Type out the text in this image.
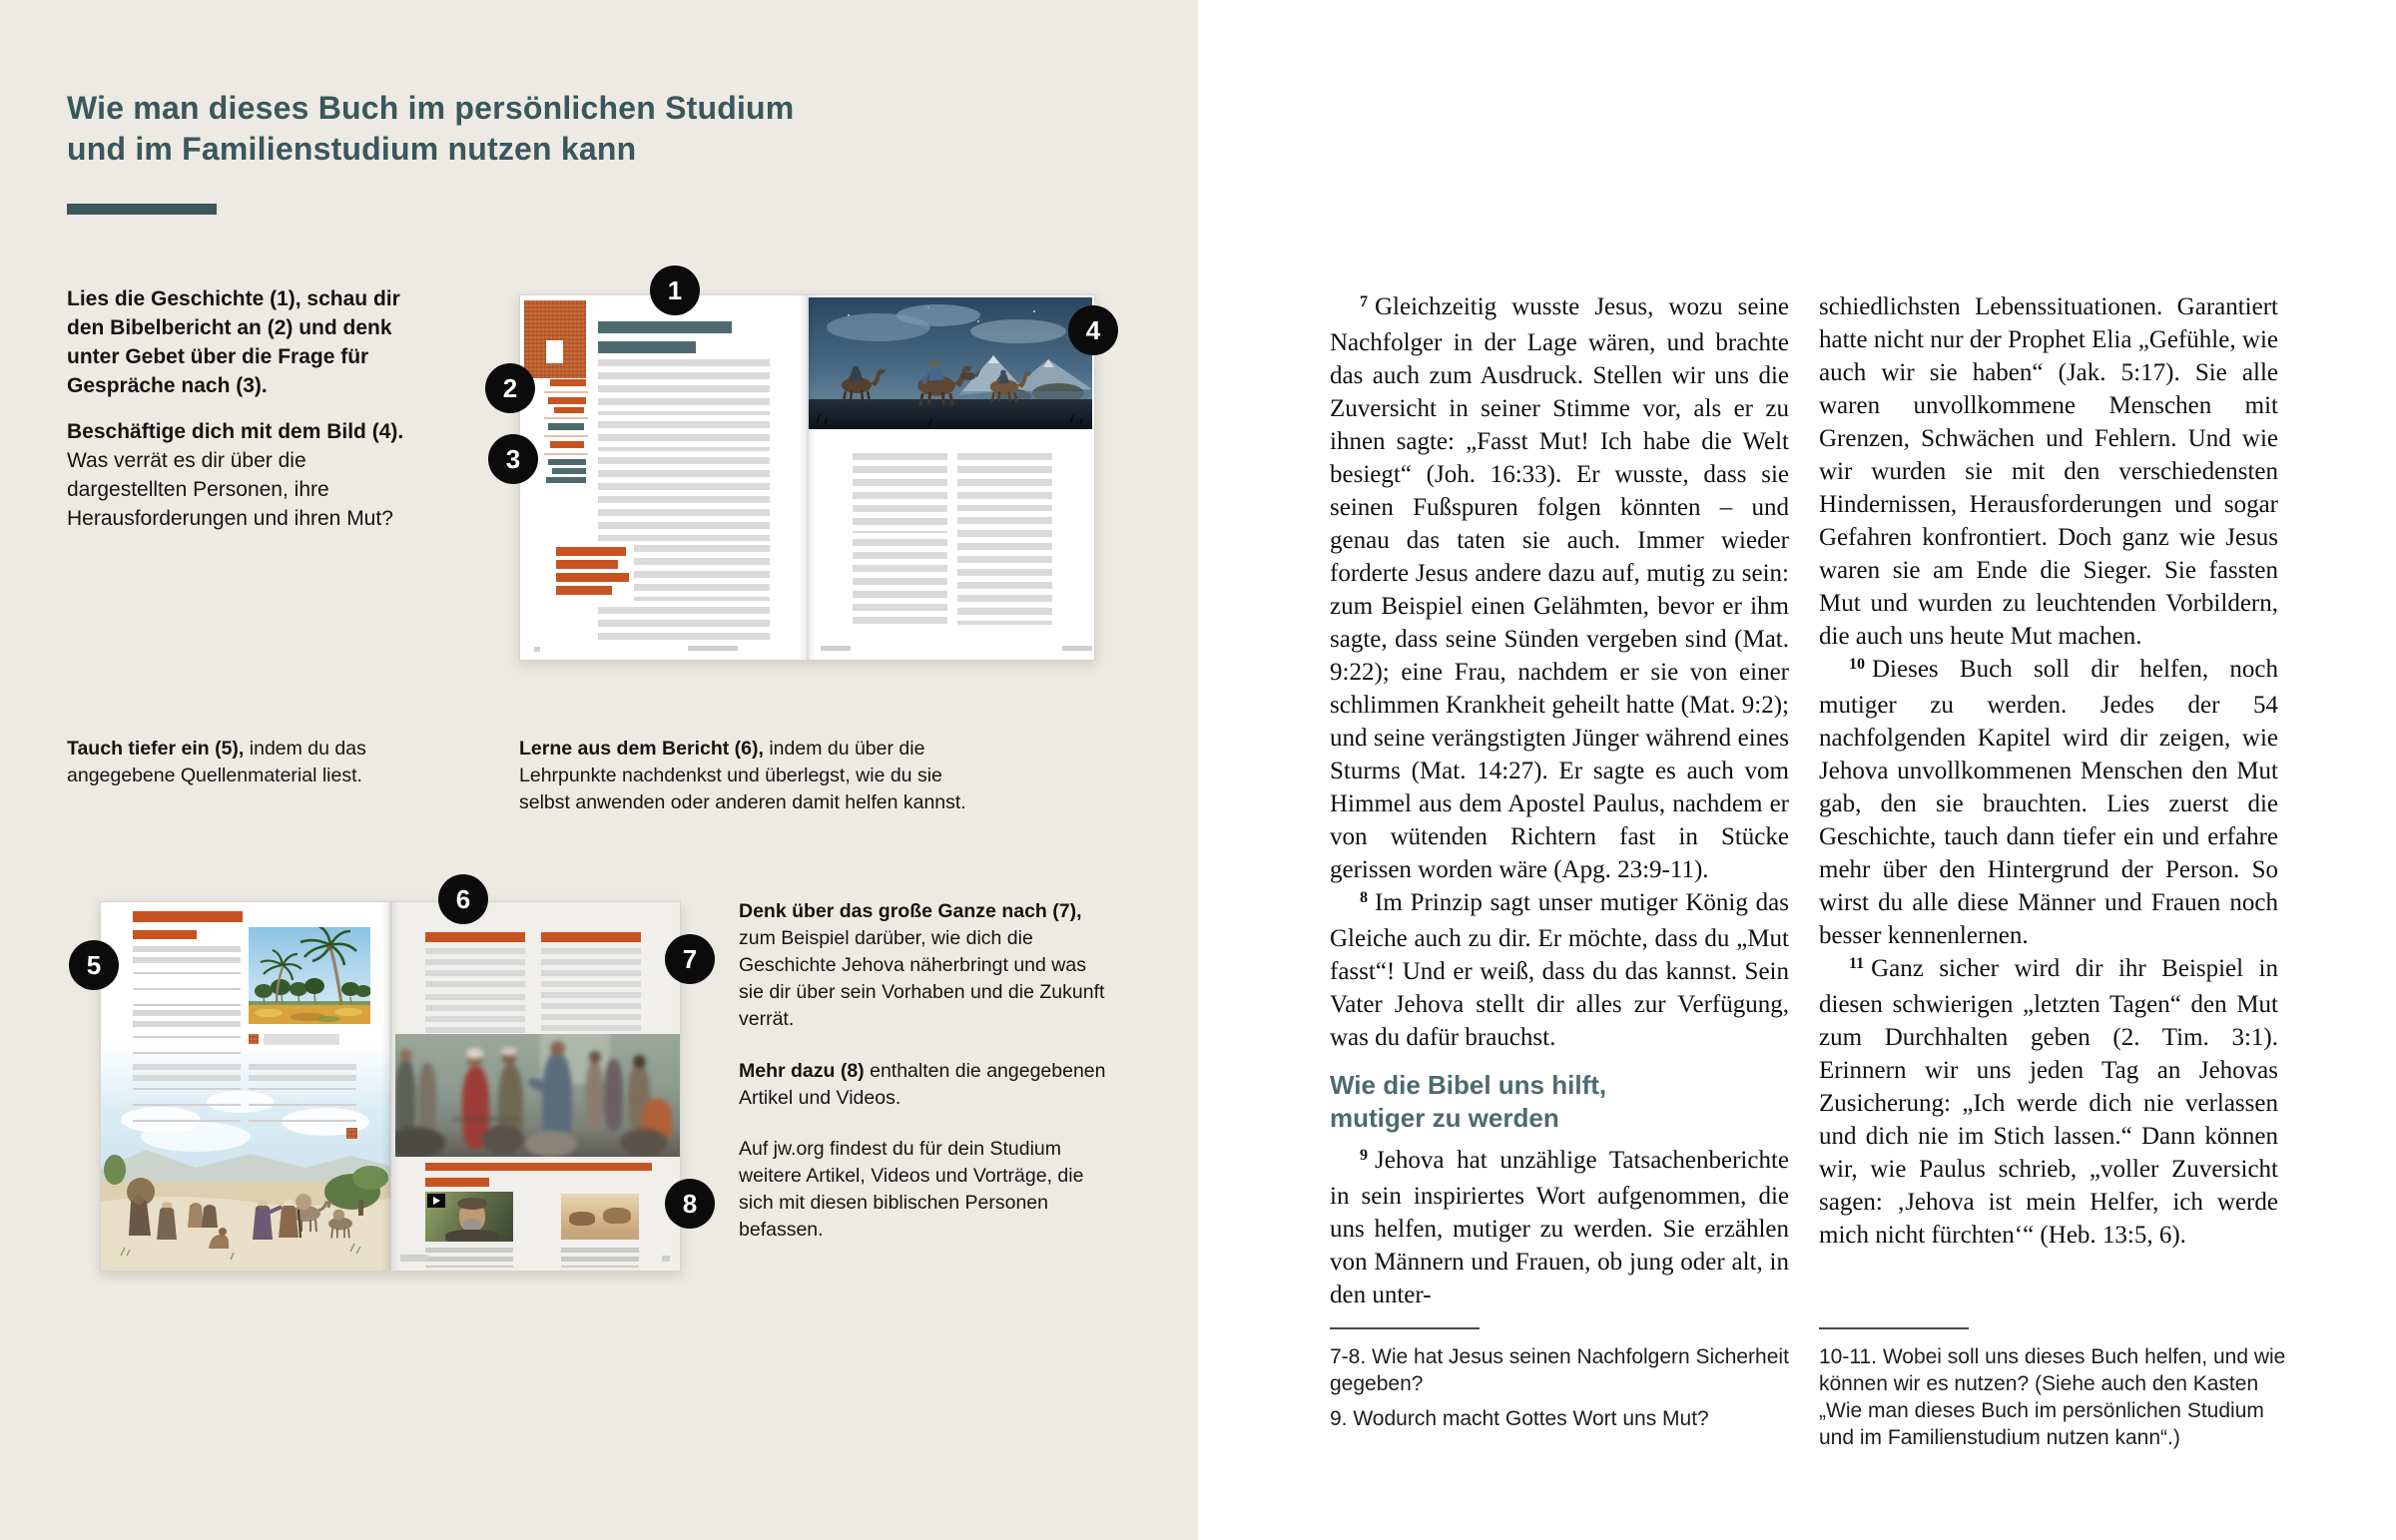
Wie man dieses Buch im persönlichen Studium
und im Familienstudium nutzen kann

Lies die Geschichte (1), schau dir den Bibelbericht an (2) und denk unter Gebet über die Frage für Gespräche nach (3).

Beschäftige dich mit dem Bild (4). Was verrät es dir über die dargestellten Personen, ihre Herausforderungen und ihren Mut?

Tauch tiefer ein (5), indem du das angegebene Quellenmaterial liest.

Lerne aus dem Bericht (6), indem du über die Lehrpunkte nachdenkst und überlegst, wie du sie selbst anwenden oder anderen damit helfen kannst.

Denk über das große Ganze nach (7), zum Beispiel darüber, wie dich die Geschichte Jehova näherbringt und was sie dir über sein Vorhaben und die Zukunft verrät.

Mehr dazu (8) enthalten die angegebenen Artikel und Videos.

Auf jw.org findest du für dein Studium weitere Artikel, Videos und Vorträge, die sich mit diesen biblischen Personen befassen.

1
2
3
4
5
6
7
8

$^7$ Gleichzeitig wusste Jesus, wozu seine Nachfolger in der Lage wären, und brachte das auch zum Ausdruck. Stellen wir uns die Zuversicht in seiner Stimme vor, als er zu ihnen sagte: „Fasst Mut! Ich habe die Welt besiegt“ (Joh. 16:33). Er wusste, dass sie seinen Fußspuren folgen könnten – und genau das taten sie auch. Immer wieder forderte Jesus andere dazu auf, mutig zu sein: zum Beispiel einen Gelähmten, bevor er ihm sagte, dass seine Sünden vergeben sind (Mat. 9:22); eine Frau, nachdem er sie von einer schlimmen Krankheit geheilt hatte (Mat. 9:2); und seine verängstigten Jünger während eines Sturms (Mat. 14:27). Er sagte es auch vom Himmel aus dem Apostel Paulus, nachdem er von wütenden Richtern fast in Stücke gerissen worden wäre (Apg. 23:9-11).

$^8$ Im Prinzip sagt unser mutiger König das Gleiche auch zu dir. Er möchte, dass du „Mut fasst“! Und er weiß, dass du das kannst. Sein Vater Jehova stellt dir alles zur Verfügung, was du dafür brauchst.

Wie die Bibel uns hilft,
mutiger zu werden

$^9$ Jehova hat unzählige Tatsachenberichte in sein inspiriertes Wort aufgenommen, die uns helfen, mutiger zu werden. Sie erzählen von Männern und Frauen, ob jung oder alt, in den unter-

schiedlichsten Lebenssituationen. Garantiert hatte nicht nur der Prophet Elia „Gefühle, wie auch wir sie haben“ (Jak. 5:17). Sie alle waren unvollkommene Menschen mit Grenzen, Schwächen und Fehlern. Und wie wir wurden sie mit den verschiedensten Hindernissen, Herausforderungen und sogar Gefahren konfrontiert. Doch ganz wie Jesus waren sie am Ende die Sieger. Sie fassten Mut und wurden zu leuchtenden Vorbildern, die auch uns heute Mut machen.

$^{10}$ Dieses Buch soll dir helfen, noch mutiger zu werden. Jedes der 54 nachfolgenden Kapitel wird dir zeigen, wie Jehova unvollkommenen Menschen den Mut gab, den sie brauchten. Lies zuerst die Geschichte, tauch dann tiefer ein und erfahre mehr über den Hintergrund der Person. So wirst du alle diese Männer und Frauen noch besser kennenlernen.

$^{11}$ Ganz sicher wird dir ihr Beispiel in diesen schwierigen „letzten Tagen“ den Mut zum Durchhalten geben (2. Tim. 3:1). Erinnern wir uns jeden Tag an Jehovas Zusicherung: „Ich werde dich nie verlassen und dich nie im Stich lassen.“ Dann können wir, wie Paulus schrieb, „voller Zuversicht sagen: ‚Jehova ist mein Helfer, ich werde mich nicht fürchten‘“ (Heb. 13:5, 6).

7-8. Wie hat Jesus seinen Nachfolgern Sicherheit gegeben?

9. Wodurch macht Gottes Wort uns Mut?

10-11. Wobei soll uns dieses Buch helfen, und wie können wir es nutzen? (Siehe auch den Kasten „Wie man dieses Buch im persönlichen Studium und im Familienstudium nutzen kann“.)
